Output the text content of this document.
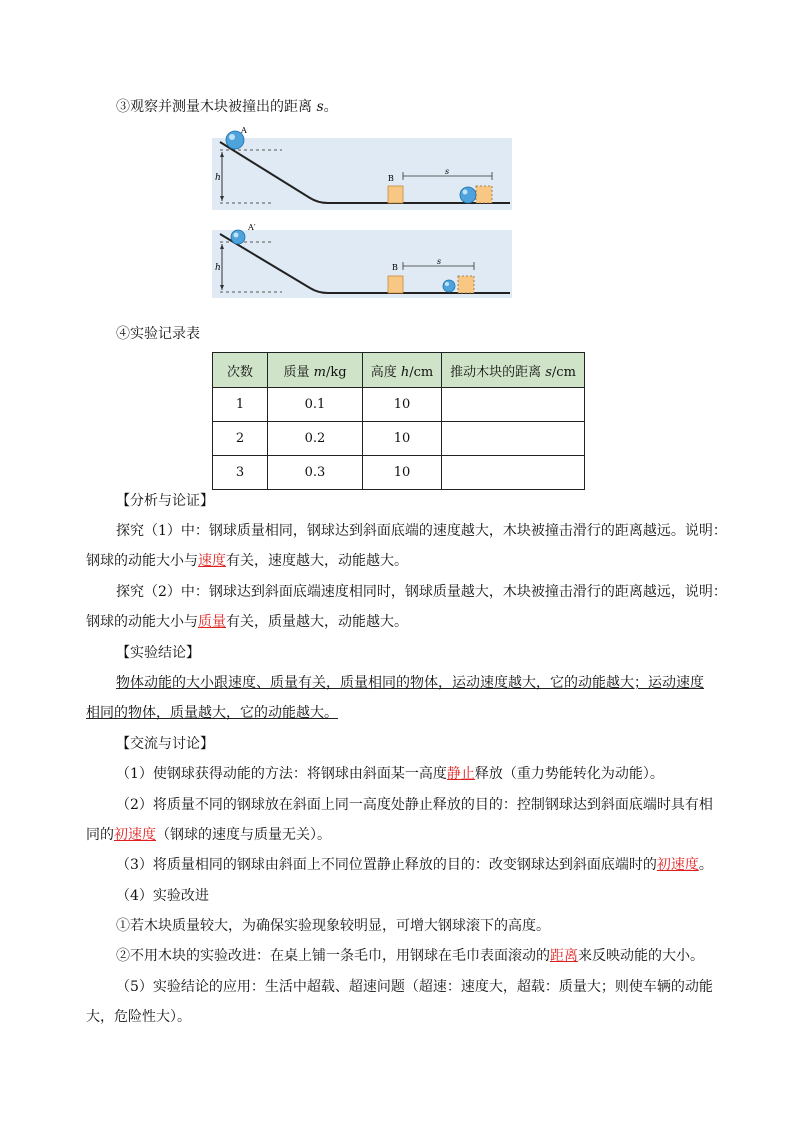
③观察并测量木块被撞出的距离 s。
h
A
B
s
h
A′
B
s
④实验记录表
次数	质量 m/kg	高度 h/cm	推动木块的距离 s/cm
1	0.1	10	
2	0.2	10	
3	0.3	10	
【分析与论证】
探究（1）中：钢球质量相同，钢球达到斜面底端的速度越大，木块被撞击滑行的距离越远。说明：
钢球的动能大小与速度有关，速度越大，动能越大。
探究（2）中：钢球达到斜面底端速度相同时，钢球质量越大，木块被撞击滑行的距离越远，说明：
钢球的动能大小与质量有关，质量越大，动能越大。
【实验结论】
物体动能的大小跟速度、质量有关，质量相同的物体，运动速度越大，它的动能越大；运动速度
相同的物体，质量越大，它的动能越大。
【交流与讨论】
（1）使钢球获得动能的方法：将钢球由斜面某一高度静止释放（重力势能转化为动能）。
（2）将质量不同的钢球放在斜面上同一高度处静止释放的目的：控制钢球达到斜面底端时具有相
同的初速度（钢球的速度与质量无关）。
（3）将质量相同的钢球由斜面上不同位置静止释放的目的：改变钢球达到斜面底端时的初速度。
（4）实验改进
①若木块质量较大，为确保实验现象较明显，可增大钢球滚下的高度。
②不用木块的实验改进：在桌上铺一条毛巾，用钢球在毛巾表面滚动的距离来反映动能的大小。
（5）实验结论的应用：生活中超载、超速问题（超速：速度大，超载：质量大；则使车辆的动能
大，危险性大）。
